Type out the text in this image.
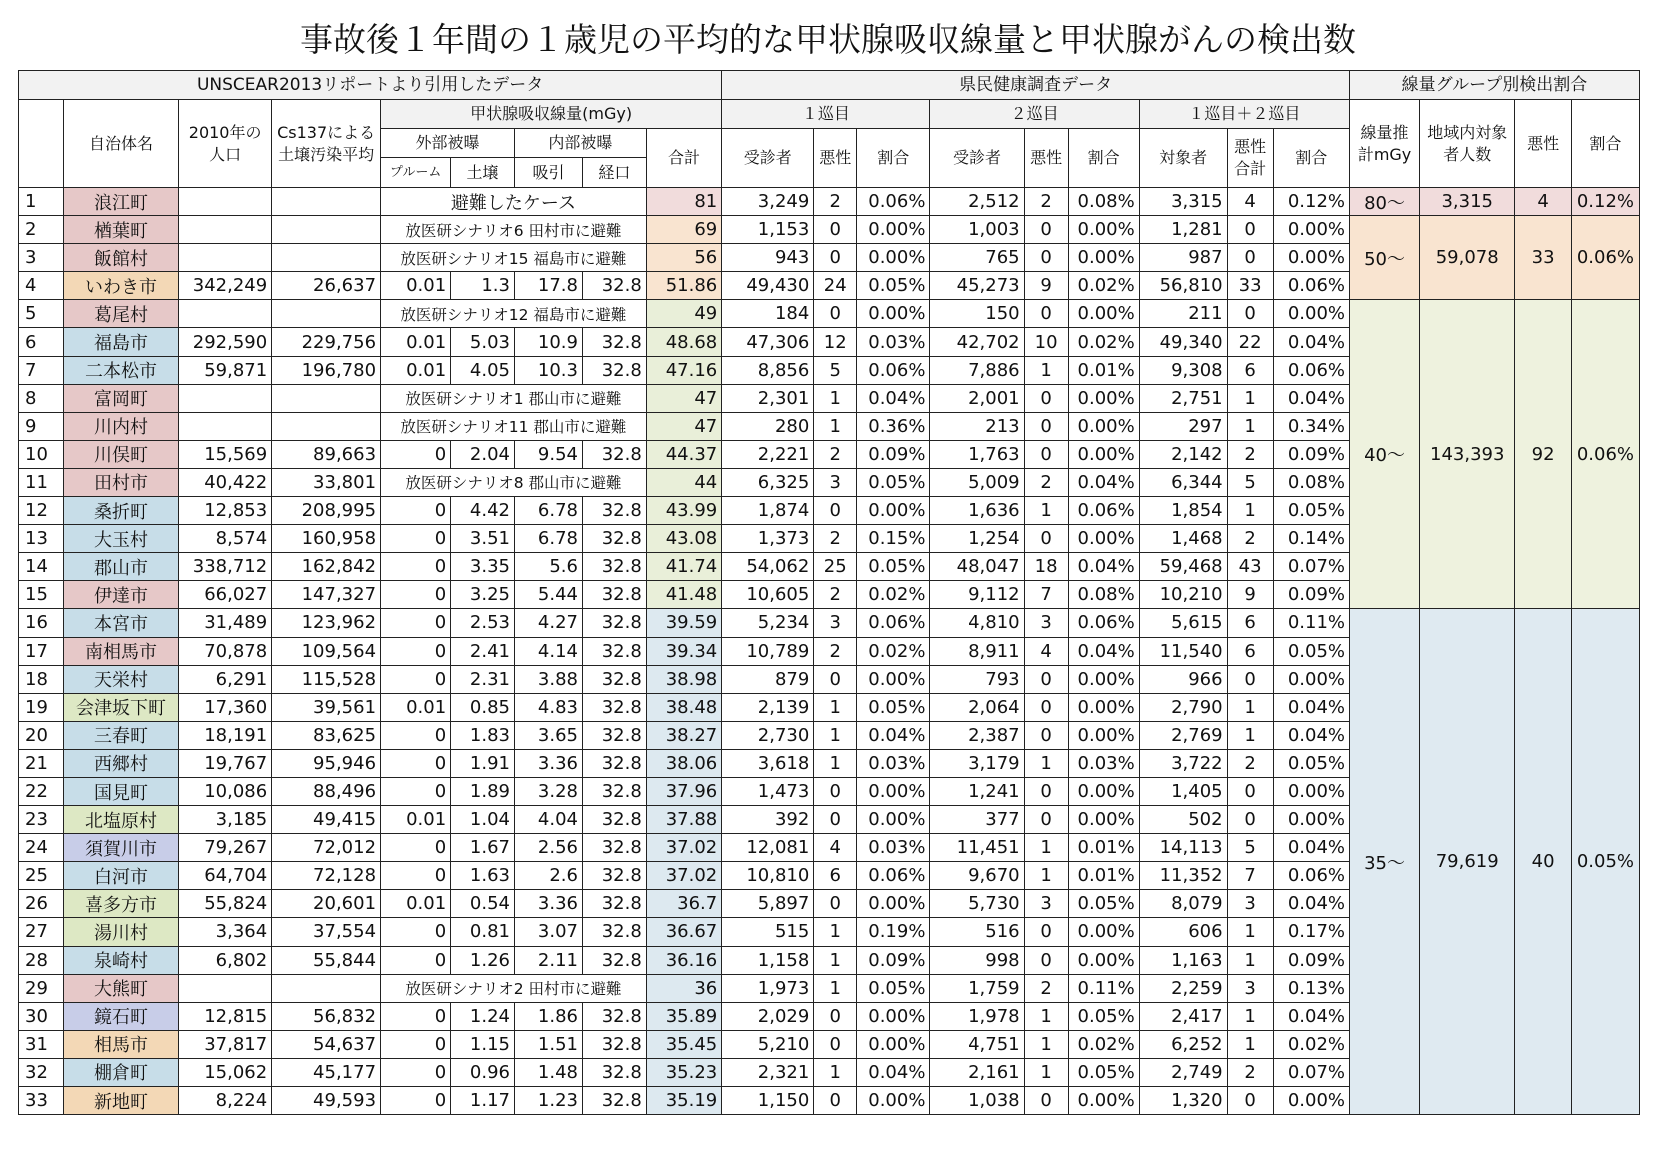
事故後１年間の１歳児の平均的な甲状腺吸収線量と甲状腺がんの検出数
UNSCEAR2013リポートより引用したデータ									県民健康調査データ									線量グループ別検出割合			
	自治体名	2010年の人口	Cs137による土壌汚染平均	甲状腺吸収線量(mGy)					１巡目			２巡目			１巡目＋２巡目			線量推計mGy	地域内対象者人数	悪性	割合
				外部被曝		内部被曝		合計	受診者	悪性	割合	受診者	悪性	割合	対象者	悪性合計	割合				
				プルーム	土壌	吸引	経口														
1	浪江町			避難したケース				81	3,249	2	0.06%	2,512	2	0.08%	3,315	4	0.12%	80〜	3,315	4	0.12%
2	楢葉町			放医研シナリオ6 田村市に避難				69	1,153	0	0.00%	1,003	0	0.00%	1,281	0	0.00%	50〜	59,078	33	0.06%
3	飯館村			放医研シナリオ15 福島市に避難				56	943	0	0.00%	765	0	0.00%	987	0	0.00%				
4	いわき市	342,249	26,637	0.01	1.3	17.8	32.8	51.86	49,430	24	0.05%	45,273	9	0.02%	56,810	33	0.06%				
5	葛尾村			放医研シナリオ12 福島市に避難				49	184	0	0.00%	150	0	0.00%	211	0	0.00%	40〜	143,393	92	0.06%
6	福島市	292,590	229,756	0.01	5.03	10.9	32.8	48.68	47,306	12	0.03%	42,702	10	0.02%	49,340	22	0.04%				
7	二本松市	59,871	196,780	0.01	4.05	10.3	32.8	47.16	8,856	5	0.06%	7,886	1	0.01%	9,308	6	0.06%				
8	富岡町			放医研シナリオ1 郡山市に避難				47	2,301	1	0.04%	2,001	0	0.00%	2,751	1	0.04%				
9	川内村			放医研シナリオ11 郡山市に避難				47	280	1	0.36%	213	0	0.00%	297	1	0.34%				
10	川俣町	15,569	89,663	0	2.04	9.54	32.8	44.37	2,221	2	0.09%	1,763	0	0.00%	2,142	2	0.09%				
11	田村市	40,422	33,801	放医研シナリオ8 郡山市に避難				44	6,325	3	0.05%	5,009	2	0.04%	6,344	5	0.08%				
12	桑折町	12,853	208,995	0	4.42	6.78	32.8	43.99	1,874	0	0.00%	1,636	1	0.06%	1,854	1	0.05%				
13	大玉村	8,574	160,958	0	3.51	6.78	32.8	43.08	1,373	2	0.15%	1,254	0	0.00%	1,468	2	0.14%				
14	郡山市	338,712	162,842	0	3.35	5.6	32.8	41.74	54,062	25	0.05%	48,047	18	0.04%	59,468	43	0.07%				
15	伊達市	66,027	147,327	0	3.25	5.44	32.8	41.48	10,605	2	0.02%	9,112	7	0.08%	10,210	9	0.09%				
16	本宮市	31,489	123,962	0	2.53	4.27	32.8	39.59	5,234	3	0.06%	4,810	3	0.06%	5,615	6	0.11%	35〜	79,619	40	0.05%
17	南相馬市	70,878	109,564	0	2.41	4.14	32.8	39.34	10,789	2	0.02%	8,911	4	0.04%	11,540	6	0.05%				
18	天栄村	6,291	115,528	0	2.31	3.88	32.8	38.98	879	0	0.00%	793	0	0.00%	966	0	0.00%				
19	会津坂下町	17,360	39,561	0.01	0.85	4.83	32.8	38.48	2,139	1	0.05%	2,064	0	0.00%	2,790	1	0.04%				
20	三春町	18,191	83,625	0	1.83	3.65	32.8	38.27	2,730	1	0.04%	2,387	0	0.00%	2,769	1	0.04%				
21	西郷村	19,767	95,946	0	1.91	3.36	32.8	38.06	3,618	1	0.03%	3,179	1	0.03%	3,722	2	0.05%				
22	国見町	10,086	88,496	0	1.89	3.28	32.8	37.96	1,473	0	0.00%	1,241	0	0.00%	1,405	0	0.00%				
23	北塩原村	3,185	49,415	0.01	1.04	4.04	32.8	37.88	392	0	0.00%	377	0	0.00%	502	0	0.00%				
24	須賀川市	79,267	72,012	0	1.67	2.56	32.8	37.02	12,081	4	0.03%	11,451	1	0.01%	14,113	5	0.04%				
25	白河市	64,704	72,128	0	1.63	2.6	32.8	37.02	10,810	6	0.06%	9,670	1	0.01%	11,352	7	0.06%				
26	喜多方市	55,824	20,601	0.01	0.54	3.36	32.8	36.7	5,897	0	0.00%	5,730	3	0.05%	8,079	3	0.04%				
27	湯川村	3,364	37,554	0	0.81	3.07	32.8	36.67	515	1	0.19%	516	0	0.00%	606	1	0.17%				
28	泉崎村	6,802	55,844	0	1.26	2.11	32.8	36.16	1,158	1	0.09%	998	0	0.00%	1,163	1	0.09%				
29	大熊町			放医研シナリオ2 田村市に避難				36	1,973	1	0.05%	1,759	2	0.11%	2,259	3	0.13%				
30	鏡石町	12,815	56,832	0	1.24	1.86	32.8	35.89	2,029	0	0.00%	1,978	1	0.05%	2,417	1	0.04%				
31	相馬市	37,817	54,637	0	1.15	1.51	32.8	35.45	5,210	0	0.00%	4,751	1	0.02%	6,252	1	0.02%				
32	棚倉町	15,062	45,177	0	0.96	1.48	32.8	35.23	2,321	1	0.04%	2,161	1	0.05%	2,749	2	0.07%				
33	新地町	8,224	49,593	0	1.17	1.23	32.8	35.19	1,150	0	0.00%	1,038	0	0.00%	1,320	0	0.00%				
